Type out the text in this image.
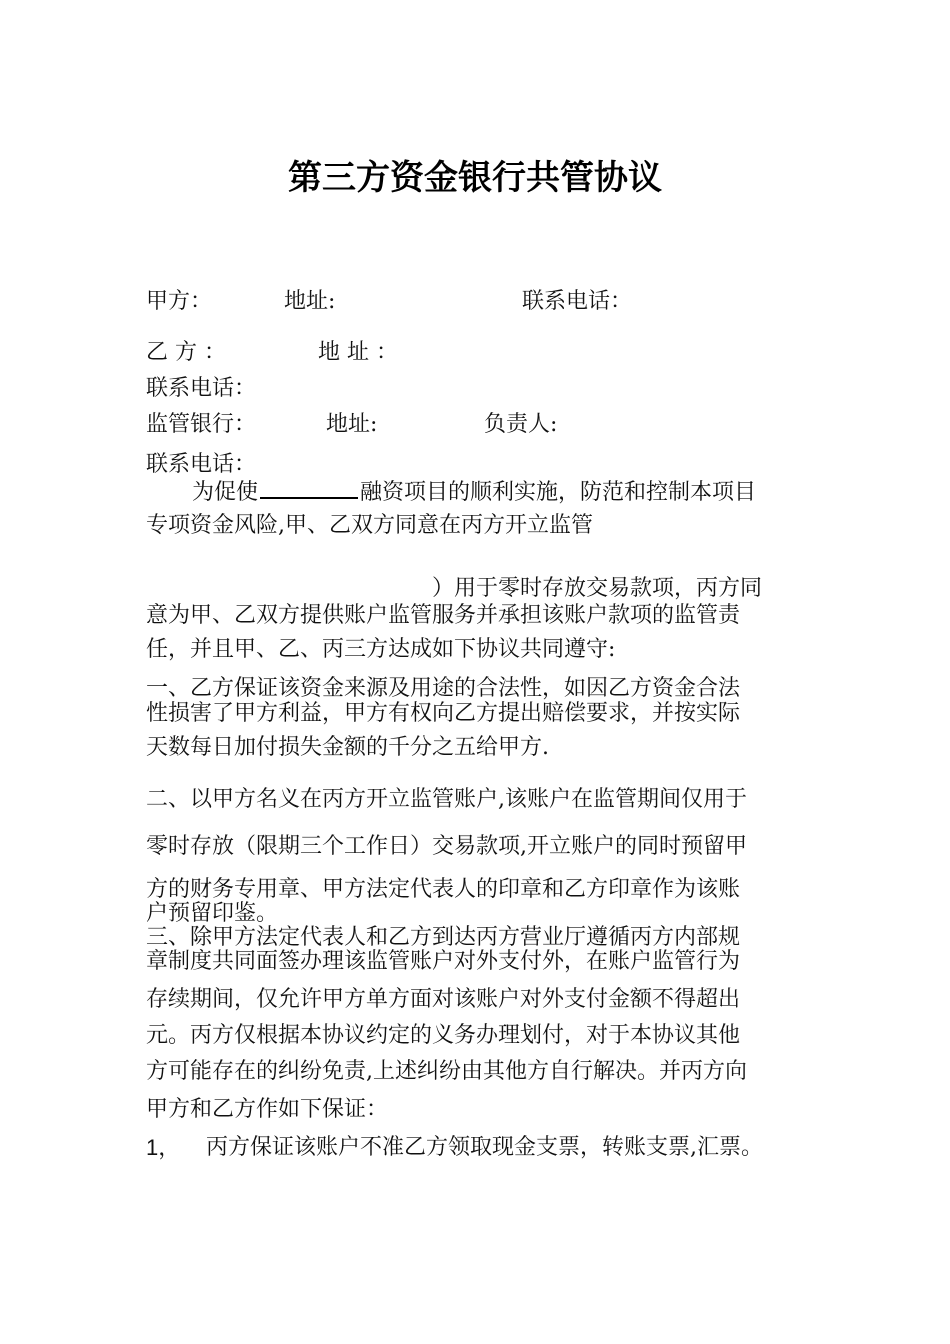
第三方资金银行共管协议
甲方：	地址:	联系电话：
乙 方 ：	地 址 ：
联系电话：
监管银行：	地址:	负责人:
联系电话：
为促使	融资项目的顺利实施，防范和控制本项目
专项资金风险,甲、乙双方同意在丙方开立监管
）用于零时存放交易款项，丙方同
意为甲、乙双方提供账户监管服务并承担该账户款项的监管责
任，并且甲、乙、丙三方达成如下协议共同遵守:
一、乙方保证该资金来源及用途的合法性，如因乙方资金合法
性损害了甲方利益，甲方有权向乙方提出赔偿要求，并按实际
天数每日加付损失金额的千分之五给甲方.
二、以甲方名义在丙方开立监管账户,该账户在监管期间仅用于
零时存放（限期三个工作日）交易款项,开立账户的同时预留甲
方的财务专用章、甲方法定代表人的印章和乙方印章作为该账
户预留印鉴。
三、除甲方法定代表人和乙方到达丙方营业厅遵循丙方内部规
章制度共同面签办理该监管账户对外支付外，在账户监管行为
存续期间，仅允许甲方单方面对该账户对外支付金额不得超出
元。丙方仅根据本协议约定的义务办理划付，对于本协议其他
方可能存在的纠纷免责,上述纠纷由其他方自行解决。并丙方向
甲方和乙方作如下保证：
1， 丙方保证该账户不准乙方领取现金支票，转账支票,汇票。
